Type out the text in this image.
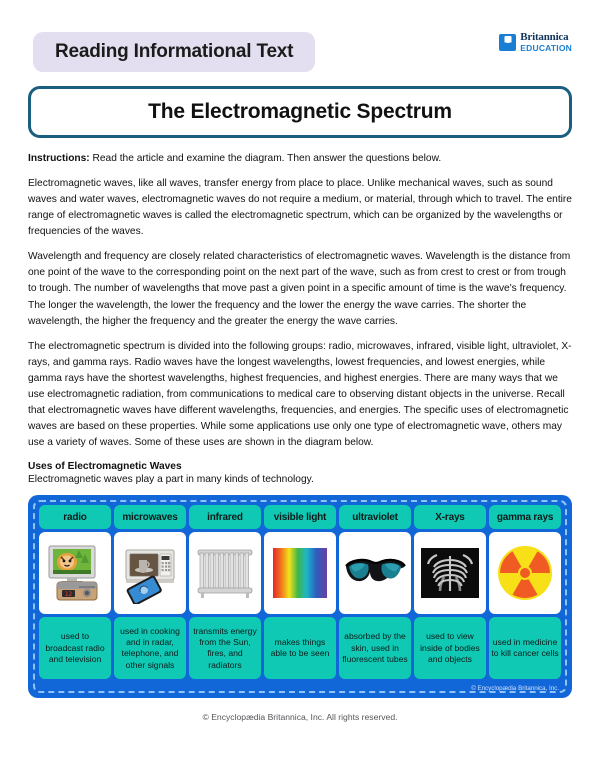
Reading Informational Text
Britannica
EDUCATION
The Electromagnetic Spectrum
Instructions: Read the article and examine the diagram. Then answer the questions below.

Electromagnetic waves, like all waves, transfer energy from place to place. Unlike mechanical waves, such as sound waves and water waves, electromagnetic waves do not require a medium, or material, through which to travel. The entire range of electromagnetic waves is called the electromagnetic spectrum, which can be organized by the wavelengths or frequencies of the waves.

Wavelength and frequency are closely related characteristics of electromagnetic waves. Wavelength is the distance from one point of the wave to the corresponding point on the next part of the wave, such as from crest to crest or from trough to trough. The number of wavelengths that move past a given point in a specific amount of time is the wave's frequency. The longer the wavelength, the lower the frequency and the lower the energy the wave carries. The shorter the wavelength, the higher the frequency and the greater the energy the wave carries.

The electromagnetic spectrum is divided into the following groups: radio, microwaves, infrared, visible light, ultraviolet, X-rays, and gamma rays. Radio waves have the longest wavelengths, lowest frequencies, and lowest energies, while gamma rays have the shortest wavelengths, highest frequencies, and highest energies. There are many ways that we use electromagnetic radiation, from communications to medical care to observing distant objects in the universe. Recall that electromagnetic waves have different wavelengths, frequencies, and energies. The specific uses of electromagnetic waves are based on these properties. While some applications use only one type of electromagnetic wave, others may use a variety of waves. Some of these uses are shown in the diagram below.

Uses of Electromagnetic Waves
Electromagnetic waves play a part in many kinds of technology.
radio
12
used to broadcast radio and television
microwaves
used in cooking and in radar, telephone, and other signals
infrared
transmits energy from the Sun, fires, and radiators
visible light
makes things able to be seen
ultraviolet
absorbed by the skin, used in fluorescent tubes
X-rays
used to view inside of bodies and objects
gamma rays
used in medicine to kill cancer cells
© Encyclopædia Britannica, Inc.
© Encyclopædia Britannica, Inc. All rights reserved.
